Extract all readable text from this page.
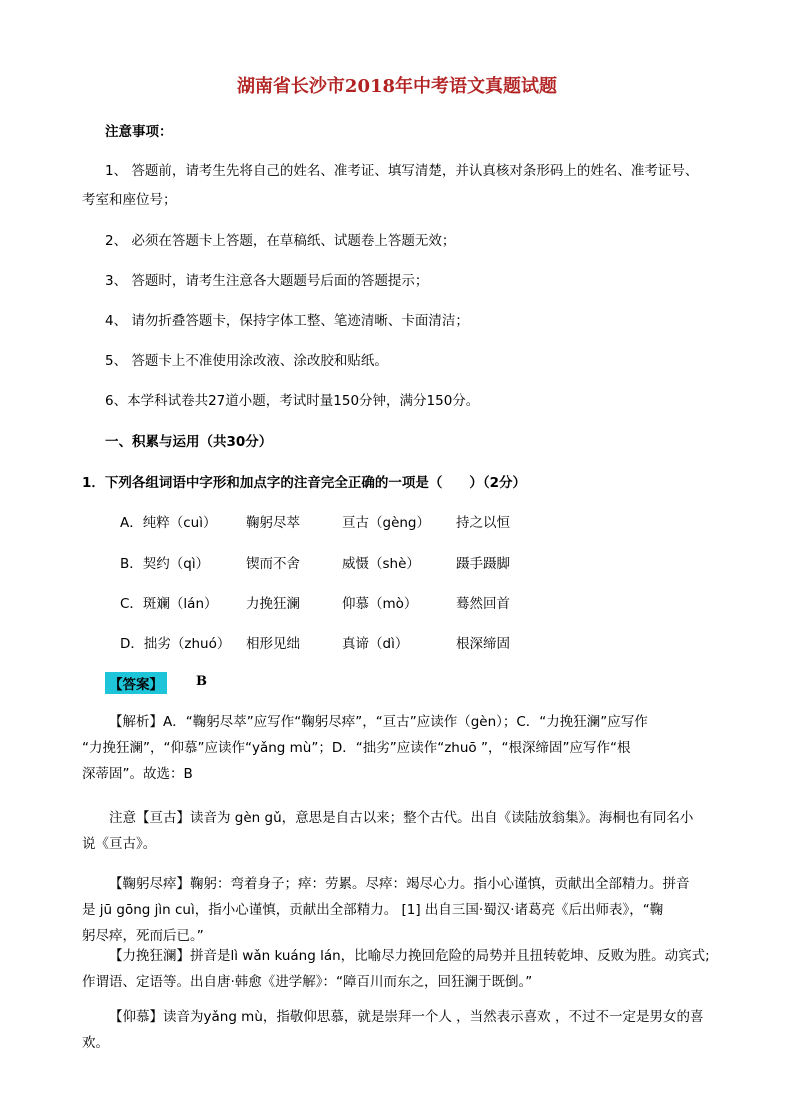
湖南省长沙市2018年中考语文真题试题
注意事项：
1、 答题前，请考生先将自己的姓名、准考证、填写清楚，并认真核对条形码上的姓名、准考证号、
考室和座位号；
2、 必须在答题卡上答题，在草稿纸、试题卷上答题无效；
3、 答题时，请考生注意各大题题号后面的答题提示；
4、 请勿折叠答题卡，保持字体工整、笔迹清晰、卡面清洁；
5、 答题卡上不准使用涂改液、涂改胶和贴纸。
6、本学科试卷共27道小题，考试时量150分钟，满分150分。
一、积累与运用（共30分）
1．下列各组词语中字形和加点字的注音完全正确的一项是（　　）（2分）
A．纯粹（cuì） 鞠躬尽萃	亘古（gèng） 持之以恒
B．契约（qì）	锲而不舍	威慑（shè）	蹑手蹑脚
C．斑斓（lán） 力挽狂澜	仰慕（mò）	蓦然回首
D．拙劣（zhuó） 相形见绌	真谛（dì）	根深缔固
【答案】	B
【解析】A．“鞠躬尽萃”应写作“鞠躬尽瘁”，“亘古”应读作（gèn）；C．“力挽狂澜”应写作
“力挽狂澜”，“仰慕”应读作“yǎng mù”；D．“拙劣”应读作“zhuō ”，“根深缔固”应写作“根
深蒂固”。故选：B
注意【亘古】读音为 gèn gǔ，意思是自古以来；整个古代。出自《读陆放翁集》。海桐也有同名小
说《亘古》。
【鞠躬尽瘁】鞠躬：弯着身子；瘁：劳累。尽瘁：竭尽心力。指小心谨慎，贡献出全部精力。拼音
是 jū gōng jìn cuì，指小心谨慎，贡献出全部精力。 [1] 出自三国·蜀汉·诸葛亮《后出师表》，“鞠
躬尽瘁，死而后已。”
【力挽狂澜】拼音是lì wǎn kuáng lán，比喻尽力挽回危险的局势并且扭转乾坤、反败为胜。动宾式;
作谓语、定语等。出自唐·韩愈《进学解》：“障百川而东之，回狂澜于既倒。”
【仰慕】读音为yǎng mù，指敬仰思慕，就是崇拜一个人 ，当然表示喜欢 ，不过不一定是男女的喜
欢。
